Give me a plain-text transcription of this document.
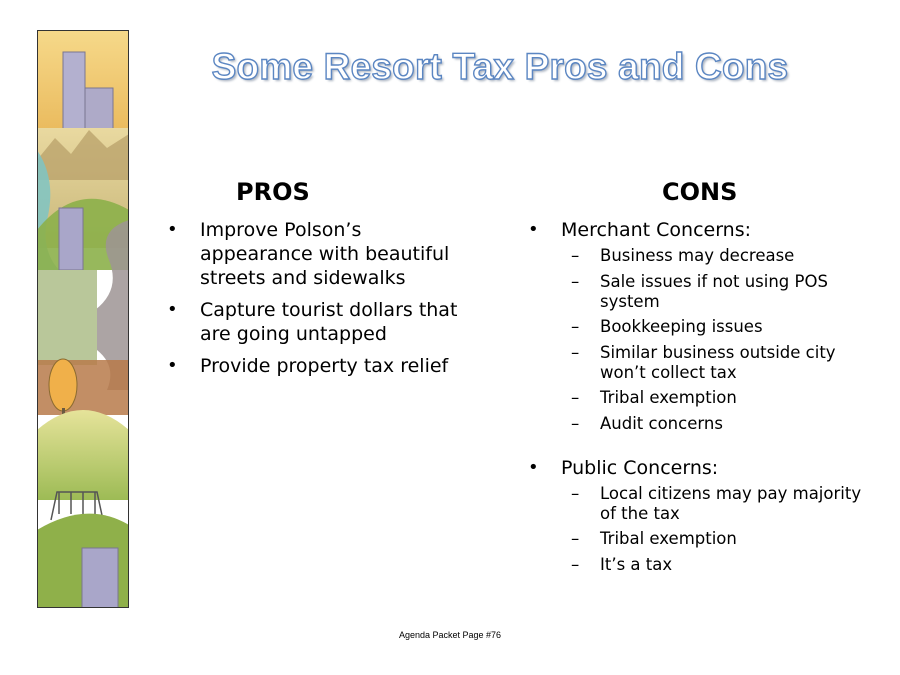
Some Resort Tax Pros and Cons
PROS	CONS
• Improve Polson’s appearance with beautiful streets and sidewalks
• Capture tourist dollars that are going untapped
• Provide property tax relief
• Merchant Concerns:
– Business may decrease
– Sale issues if not using POS system
– Bookkeeping issues
– Similar business outside city won’t collect tax
– Tribal exemption
– Audit concerns
• Public Concerns:
– Local citizens may pay majority of the tax
– Tribal exemption
– It’s a tax
Agenda Packet Page #76
